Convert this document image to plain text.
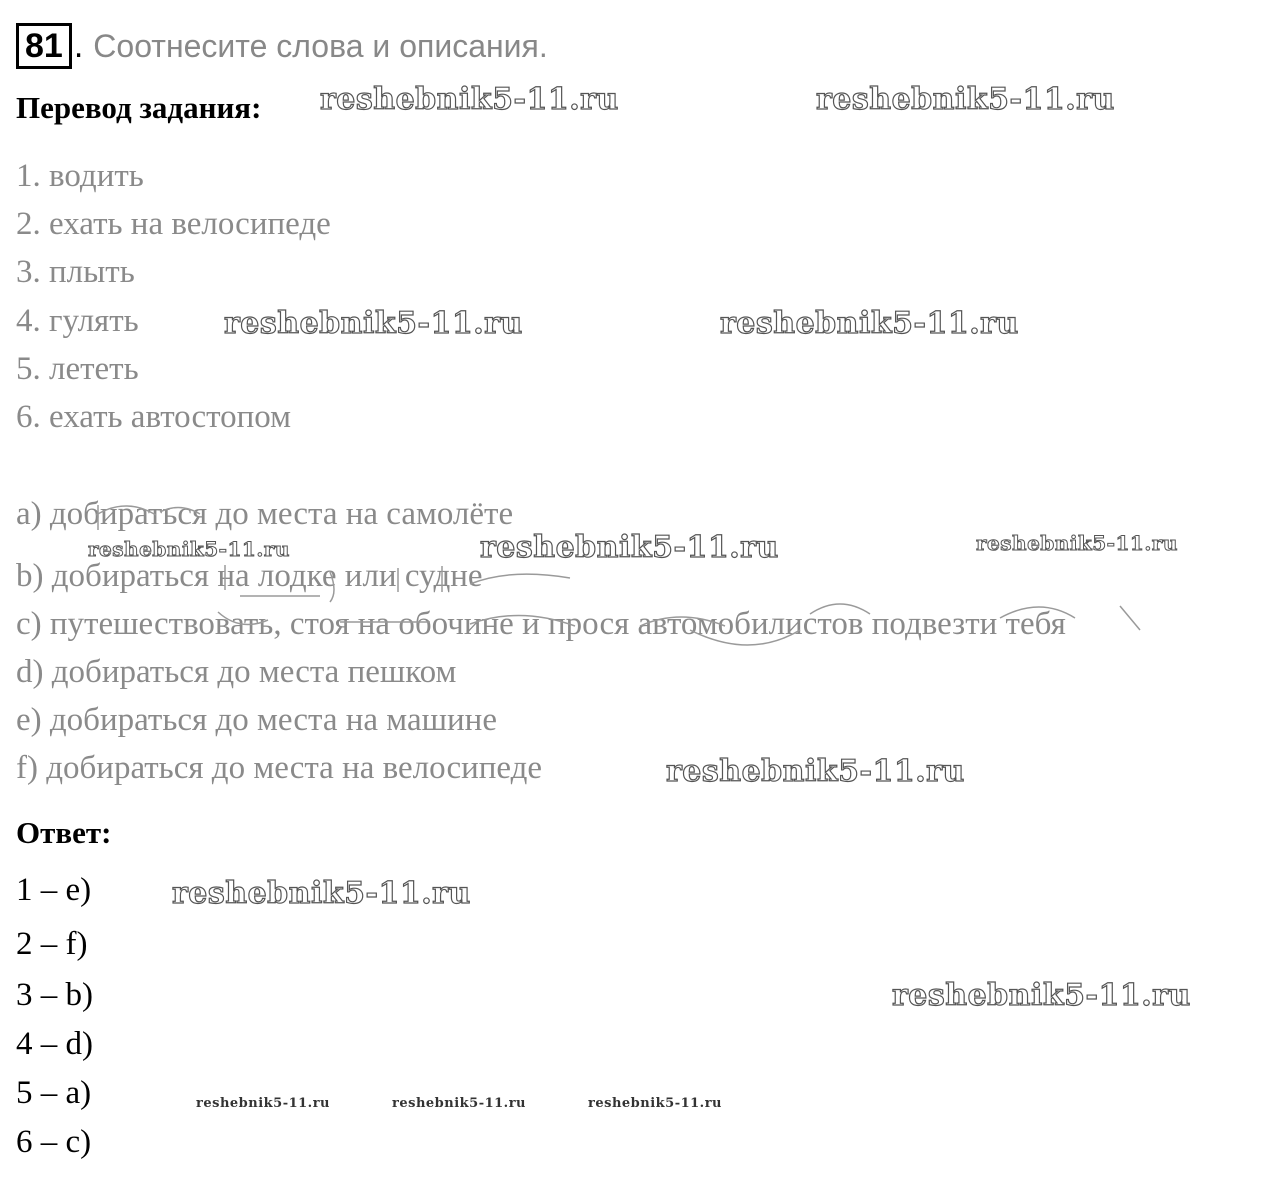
81 . Соотнесите слова и описания.
Перевод задания:
1. водить
2. ехать на велосипеде
3. плыть
4. гулять
5. лететь
6. ехать автостопом
a) добираться до места на самолёте
b) добираться на лодке или судне
c) путешествовать, стоя на обочине и прося автомобилистов подвезти тебя
d) добираться до места пешком
e) добираться до места на машине
f) добираться до места на велосипеде
Ответ:
1 – e)
2 – f)
3 – b)
4 – d)
5 – a)
6 – c)
reshebnik5-11.ru	reshebnik5-11.ru
reshebnik5-11.ru	reshebnik5-11.ru
reshebnik5-11.ru	reshebnik5-11.ru	reshebnik5-11.ru
reshebnik5-11.ru
reshebnik5-11.ru
reshebnik5-11.ru
reshebnik5-11.ru	reshebnik5-11.ru	reshebnik5-11.ru
